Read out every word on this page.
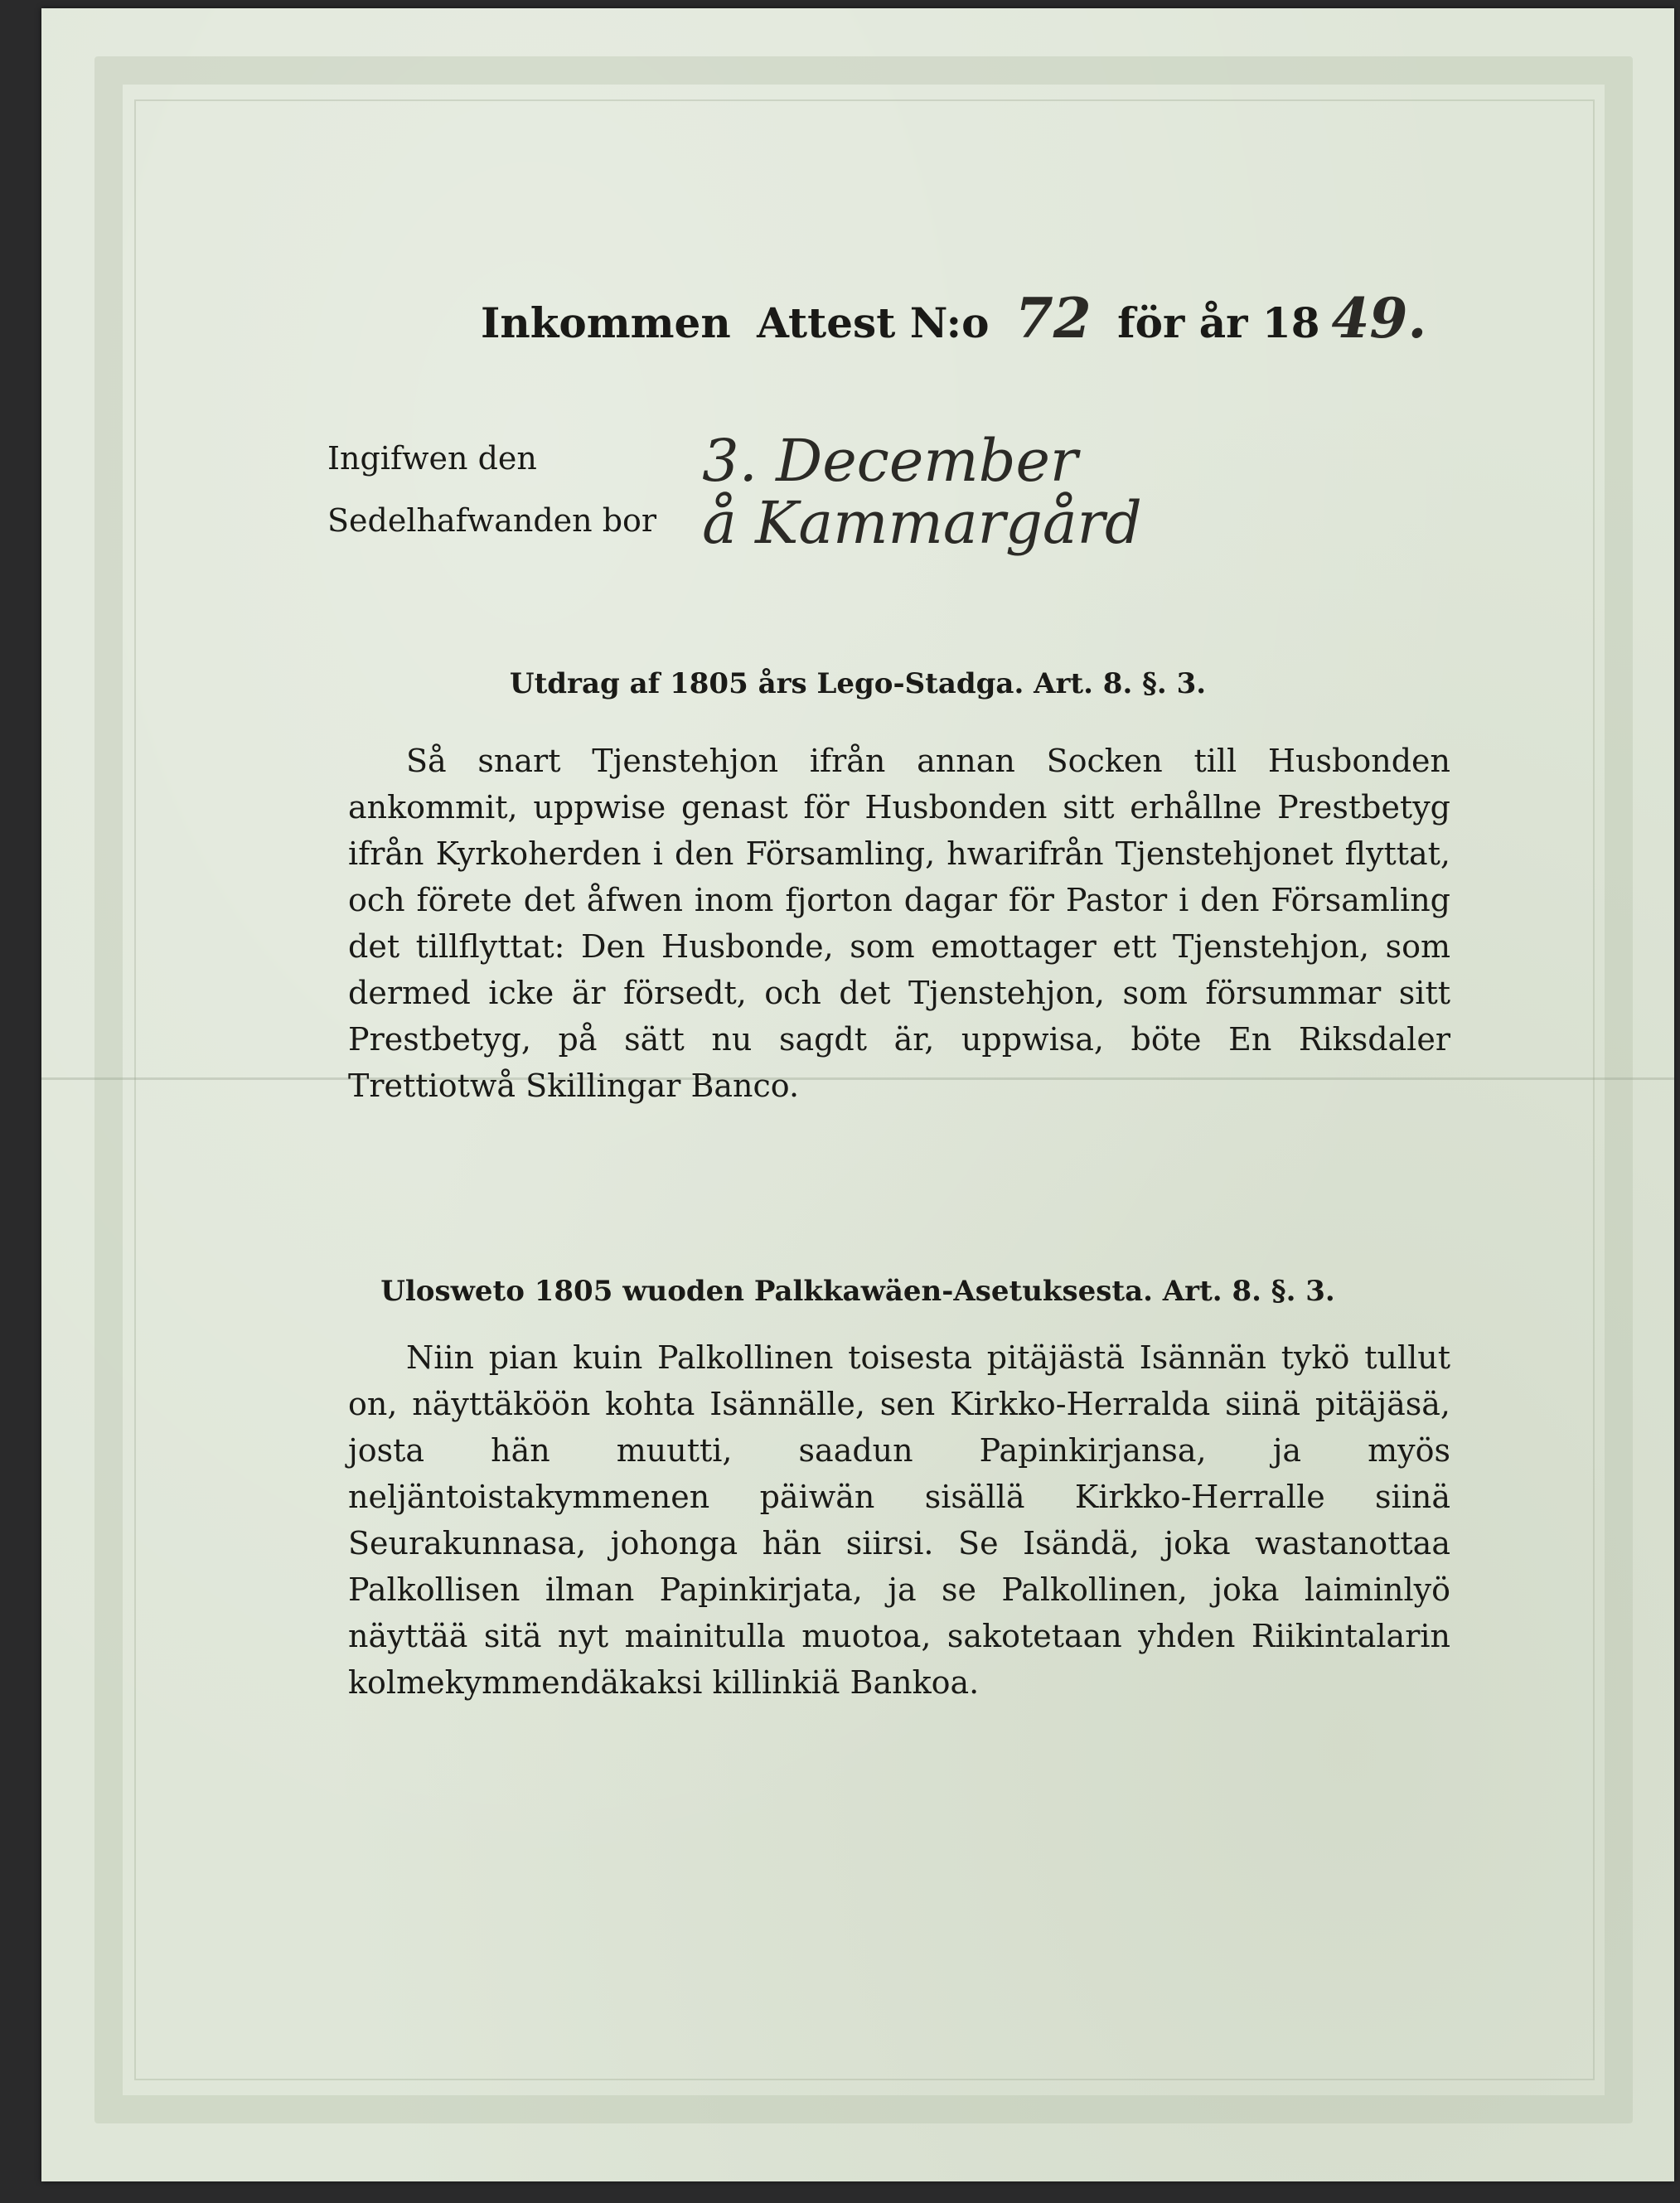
Inkommen Attest N:o 72 för år 18 49.
Ingifwen den	3. December
Sedelhafwanden bor å Kammargård
Utdrag af 1805 års Lego-Stadga. Art. 8. §. 3.

Så snart Tjenstehjon ifrån annan Socken till Husbonden ankommit, uppwise genast för Husbonden sitt erhållne Prestbetyg ifrån Kyrkoherden i den Församling, hwarifrån Tjenstehjonet flyttat, och förete det åfwen inom fjorton dagar för Pastor i den Församling det tillflyttat: Den Husbonde, som emottager ett Tjenstehjon, som dermed icke är försedt, och det Tjenstehjon, som försummar sitt Prestbetyg, på sätt nu sagdt är, uppwisa, böte En Riksdaler Trettiotwå Skillingar Banco.

Ulosweto 1805 wuoden Palkkawäen-Asetuksesta. Art. 8. §. 3.

Niin pian kuin Palkollinen toisesta pitäjästä Isännän tykö tullut on, näyttäköön kohta Isännälle, sen Kirkko-Herralda siinä pitäjäsä, josta hän muutti, saadun Papinkirjansa, ja myös neljäntoistakymmenen päiwän sisällä Kirkko-Herralle siinä Seurakunnasa, johonga hän siirsi. Se Isändä, joka wastanottaa Palkollisen ilman Papinkirjata, ja se Palkollinen, joka laiminlyö näyttää sitä nyt mainitulla muotoa, sakotetaan yhden Riikintalarin kolmekymmendäkaksi killinkiä Bankoa.
